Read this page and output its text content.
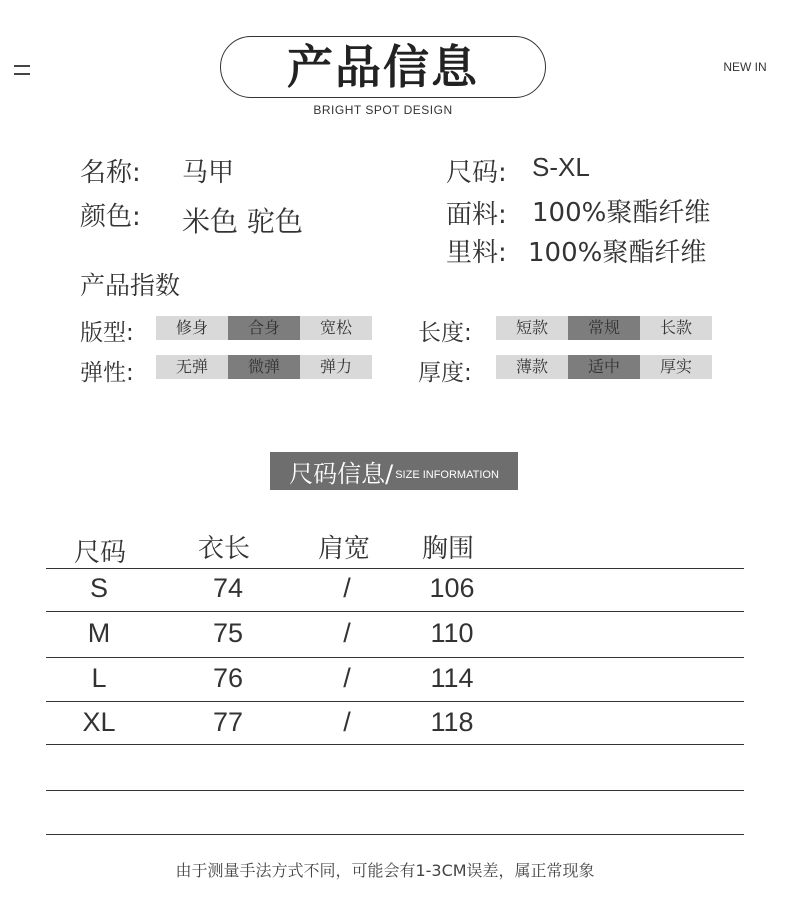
产品信息
BRIGHT SPOT DESIGN
NEW IN
名称: 马甲
颜色: 米色 驼色
尺码: S-XL
面料: 100%聚酯纤维
里料: 100%聚酯纤维
产品指数
版型:	修身	合身	宽松	长度:	短款	常规	长款
弹性:	无弹	微弹	弹力	厚度:	薄款	适中	厚实
尺码信息/ SIZE INFORMATION
尺码	衣长	肩宽 胸围
S	74	/	106
M	75	/	110
L	76	/	114
XL	77	/	118
由于测量手法方式不同，可能会有1-3CM误差，属正常现象
